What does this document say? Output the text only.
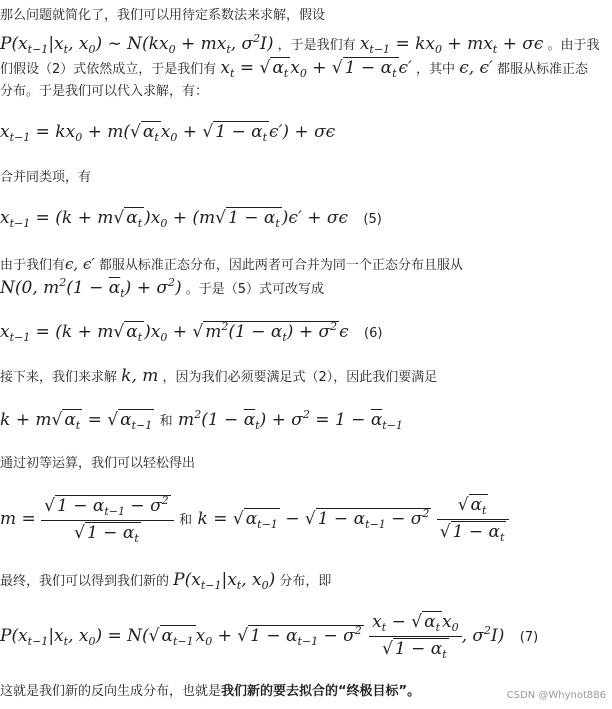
那么问题就简化了，我们可以用待定系数法来求解，假设
$P(x_{t-1}|x_t$, $x_0$) ∼ $N(kx_0 + mx_t$, $\sigma^2I$) ，于是我们有 $x_{t-1} = kx_0 + mx_t + \sigma\epsilon$ 。由于我
们假设（2）式依然成立，于是我们有 $x_t$ = √ $\alpha_t$ $x_0$ + √ $1 - \overline{\alpha}_t$ ϵ′ ，其中 ϵ, ϵ′ 都服从标准正态
分布。于是我们可以代入求解，有：
$x_{t-1} = kx_0 + m(√$ $\alpha_t$ $x_0$ + √ $1 - \overline{\alpha}_t$ ϵ′) + σϵ
合并同类项，有
$x_{t-1} = (k + m√$ $\alpha_t$ )$x_0 + (m√$ $1 - \overline{\alpha}_t$ )ϵ′ + σϵ (5)
由于我们有ϵ, ϵ′ 都服从标准正态分布，因此两者可合并为同一个正态分布且服从
N(0, $m^2(1 - \overline{\alpha}_t) + \sigma^2$) 。于是（5）式可改写成
$x_{t-1} = (k + m√$ $\alpha_t$ )$x_0$ + √ $m^2(1 - \overline{\alpha}_t) + \sigma^2$ ϵ (6)
接下来，我们来求解 k, m ，因为我们必须要满足式（2），因此我们要满足
k + m√ $\alpha_t$ = √ $\alpha_{t-1}$ 和 $m^2(1 - \overline{\alpha}_t) + \sigma^2 = 1 - \overline{\alpha}_{t-1}$
通过初等运算，我们可以轻松得出
$m = \frac{√ 1 - \overline{\alpha}_{t-1} - \sigma^2}{√ 1 - \overline{\alpha}_t}$ 和 k = √ $\alpha_{t-1}$ − √ $1 - \overline{\alpha}_{t-1} - \sigma^2 \frac{√ \alpha_t}{√ 1 - \overline{\alpha}_t}$
最终，我们可以得到我们新的 $P(x_{t-1}|x_t$, $x_0$) 分布，即
$P(x_{t-1}|x_t$, $x_0) = N(√$ $\alpha_{t-1}$ $x_0$ + √ $1 - \overline{\alpha}_{t-1} - \sigma^2 \frac{x_t - √ \alpha_t x_0}{√ 1 - \overline{\alpha}_t}$ , $\sigma^2I$) (7)
这就是我们新的反向生成分布，也就是我们新的要去拟合的“终极目标”。	CSDN @Whynot886
